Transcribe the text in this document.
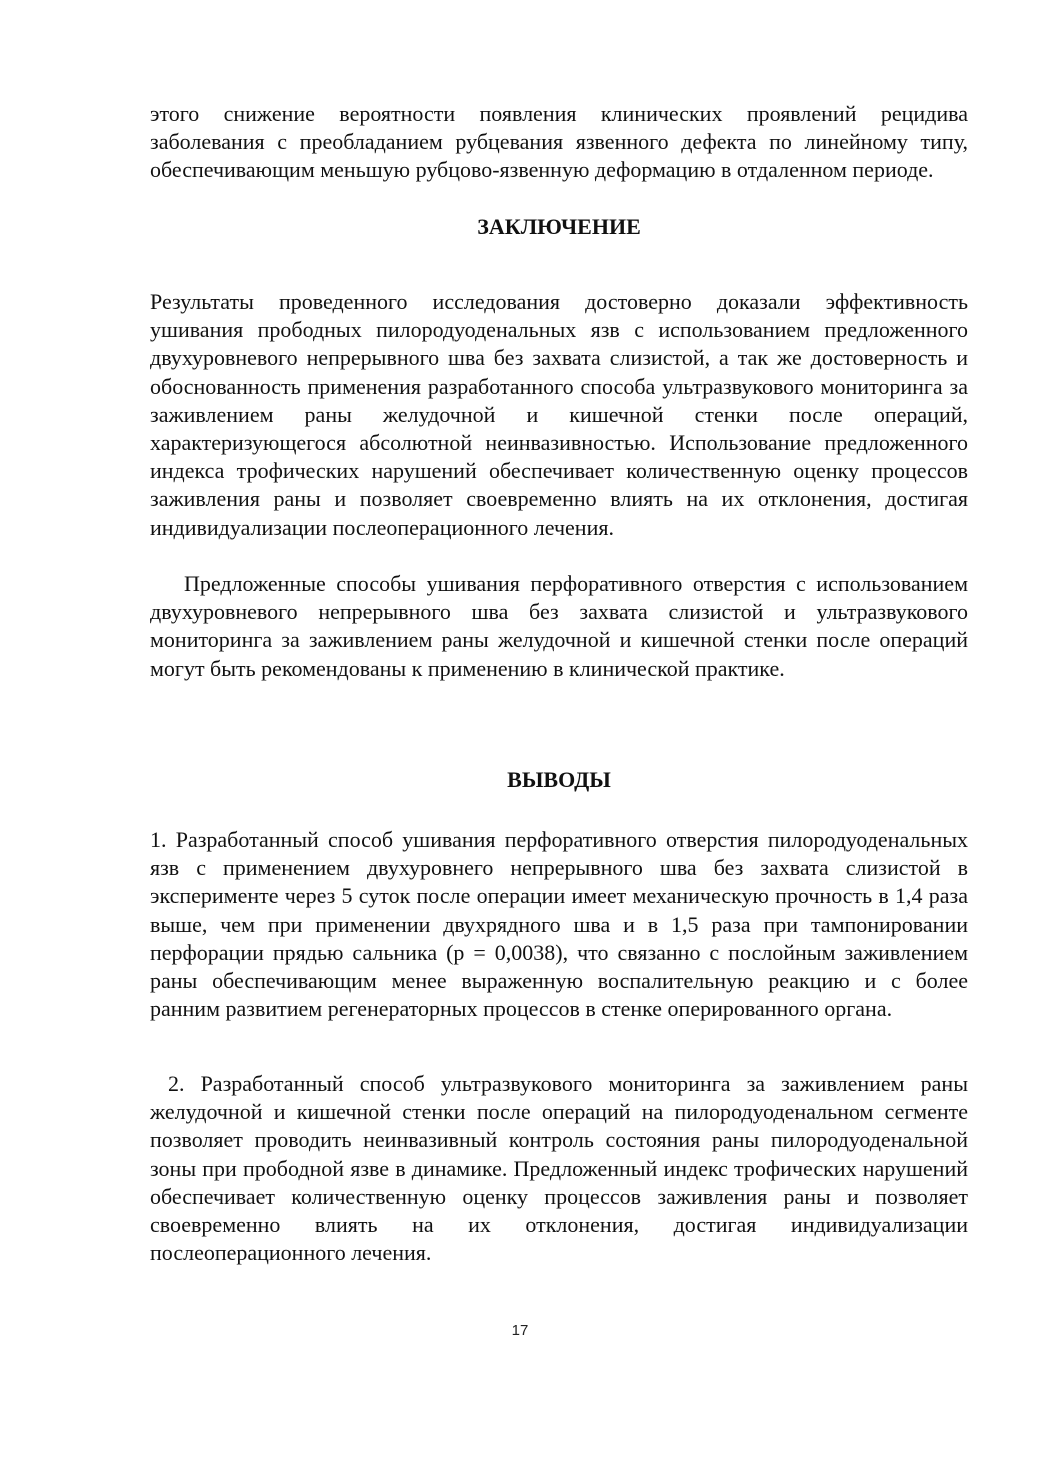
этого снижение вероятности появления клинических проявлений рецидива заболевания с преобладанием рубцевания язвенного дефекта по линейному типу, обеспечивающим меньшую рубцово-язвенную деформацию в отдаленном периоде.

ЗАКЛЮЧЕНИЕ

Результаты проведенного исследования достоверно доказали эффективность ушивания прободных пилородуоденальных язв с использованием предложенного двухуровневого непрерывного шва без захвата слизистой, а так же достоверность и обоснованность применения разработанного способа ультразвукового мониторинга за заживлением раны желудочной и кишечной стенки после операций, характеризующегося абсолютной неинвазивностью. Использование предложенного индекса трофических нарушений обеспечивает количественную оценку процессов заживления раны и позволяет своевременно влиять на их отклонения, достигая индивидуализации послеоперационного лечения.

Предложенные способы ушивания перфоративного отверстия с использованием двухуровневого непрерывного шва без захвата слизистой и ультразвукового мониторинга за заживлением раны желудочной и кишечной стенки после операций могут быть рекомендованы к применению в клинической практике.

ВЫВОДЫ

1. Разработанный способ ушивания перфоративного отверстия пилородуоденальных язв с применением двухуровнего непрерывного шва без захвата слизистой в эксперименте через 5 суток после операции имеет механическую прочность в 1,4 раза выше, чем при применении двухрядного шва и в 1,5 раза при тампонировании перфорации прядью сальника (р = 0,0038), что связанно с послойным заживлением раны обеспечивающим менее выраженную воспалительную реакцию и с более ранним развитием регенераторных процессов в стенке оперированного органа.

2. Разработанный способ ультразвукового мониторинга за заживлением раны желудочной и кишечной стенки после операций на пилородуоденальном сегменте позволяет проводить неинвазивный контроль состояния раны пилородуоденальной зоны при прободной язве в динамике. Предложенный индекс трофических нарушений обеспечивает количественную оценку процессов заживления раны и позволяет своевременно влиять на их отклонения, достигая индивидуализации послеоперационного лечения.

17
